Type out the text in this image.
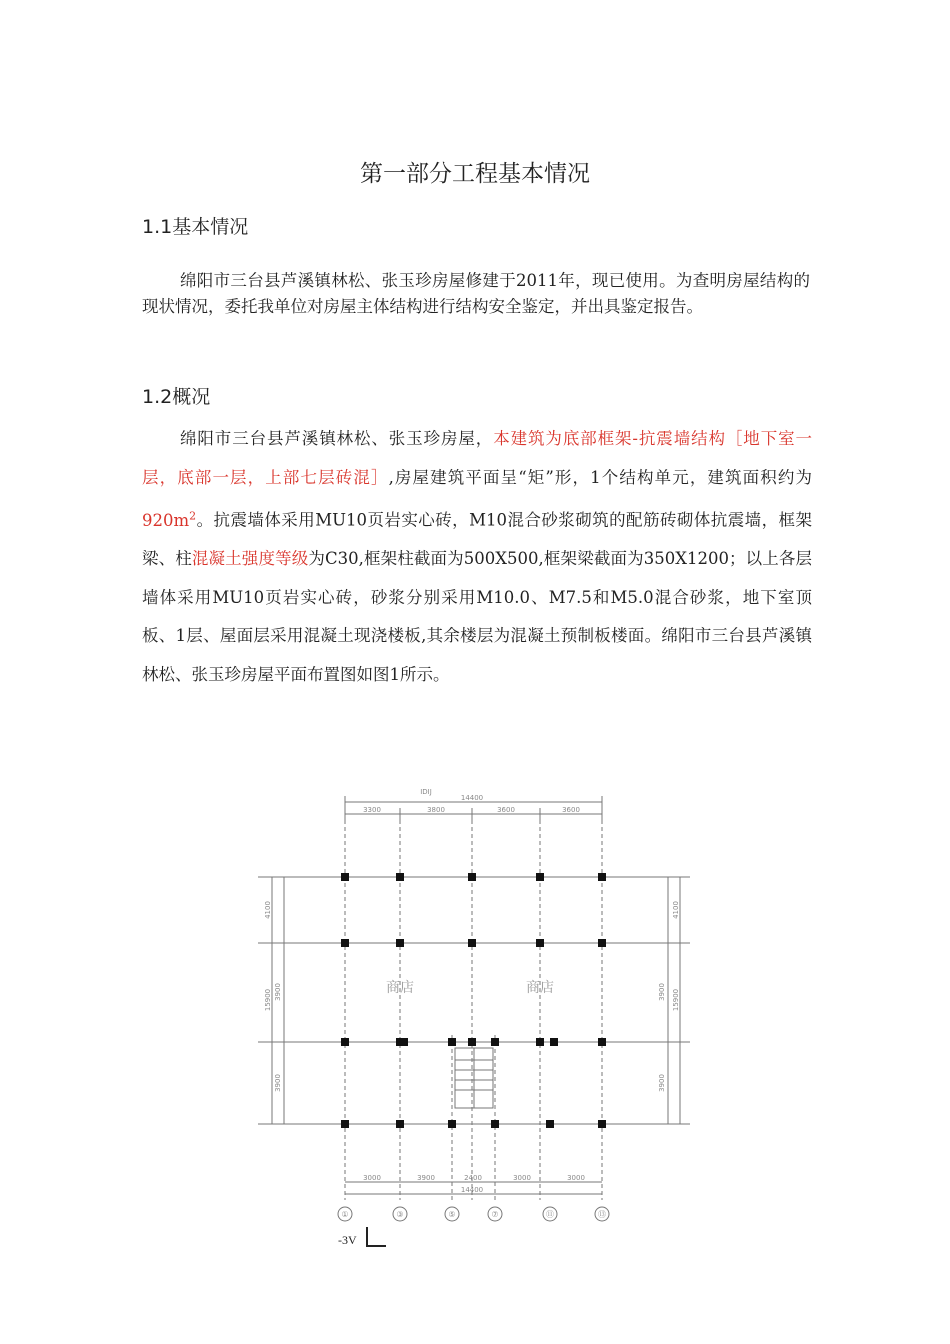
第一部分工程基本情况
1.1基本情况
绵阳市三台县芦溪镇林松、张玉珍房屋修建于2011年，现已使用。为查明房屋结构的现状情况，委托我单位对房屋主体结构进行结构安全鉴定，并出具鉴定报告。
1.2概况
绵阳市三台县芦溪镇林松、张玉珍房屋，本建筑为底部框架-抗震墙结构［地下室一层，底部一层，上部七层砖混］,房屋建筑平面呈“矩”形，1个结构单元，建筑面积约为$920m^2$。抗震墙体采用MU10页岩实心砖，M10混合砂浆砌筑的配筋砖砌体抗震墙，框架梁、柱混凝土强度等级为C30,框架柱截面为500X500,框架梁截面为350X1200；以上各层墙体采用MU10页岩实心砖，砂浆分别采用M10.0、M7.5和M5.0混合砂浆，地下室顶板、1层、屋面层采用混凝土现浇楼板,其余楼层为混凝土预制板楼面。绵阳市三台县芦溪镇林松、张玉珍房屋平面布置图如图1所示。
IDIJ
14400
3300	3800	3600	3600
3000	3900	2400	3000	3000
14400
4100
3900
3900
15900
4100
3900
3900
15900
商店	商店
①	③	⑤	⑦	⑪	⑬
-3V
